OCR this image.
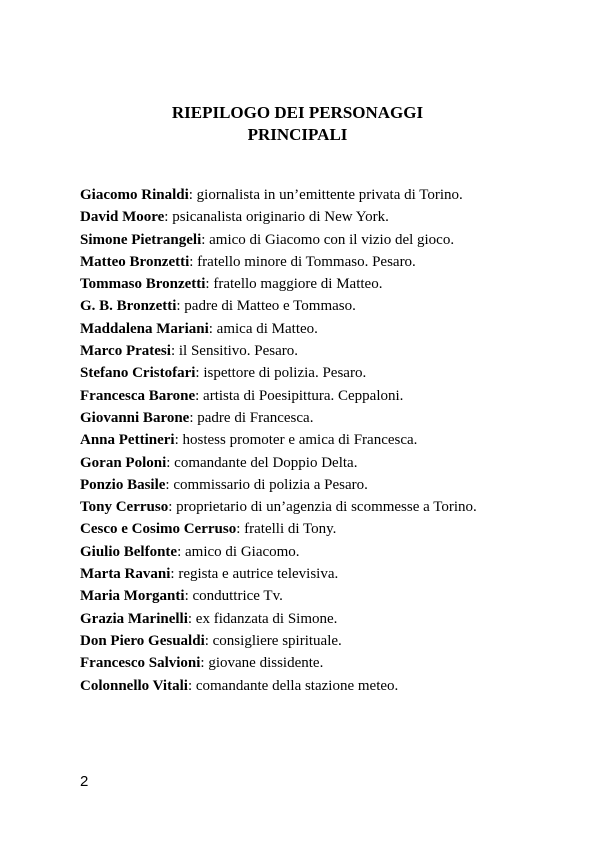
RIEPILOGO DEI PERSONAGGI PRINCIPALI
Giacomo Rinaldi: giornalista in un’emittente privata di Torino.
David Moore: psicanalista originario di New York.
Simone Pietrangeli: amico di Giacomo con il vizio del gioco.
Matteo Bronzetti: fratello minore di Tommaso. Pesaro.
Tommaso Bronzetti: fratello maggiore di Matteo.
G. B. Bronzetti: padre di Matteo e Tommaso.
Maddalena Mariani: amica di Matteo.
Marco Pratesi: il Sensitivo. Pesaro.
Stefano Cristofari: ispettore di polizia. Pesaro.
Francesca Barone: artista di Poesipittura. Ceppaloni.
Giovanni Barone: padre di Francesca.
Anna Pettineri: hostess promoter e amica di Francesca.
Goran Poloni: comandante del Doppio Delta.
Ponzio Basile: commissario di polizia a Pesaro.
Tony Cerruso: proprietario di un’agenzia di scommesse a Torino.
Cesco e Cosimo Cerruso: fratelli di Tony.
Giulio Belfonte: amico di Giacomo.
Marta Ravani: regista e autrice televisiva.
Maria Morganti: conduttrice Tv.
Grazia Marinelli: ex fidanzata di Simone.
Don Piero Gesualdi: consigliere spirituale.
Francesco Salvioni: giovane dissidente.
Colonnello Vitali: comandante della stazione meteo.
2
